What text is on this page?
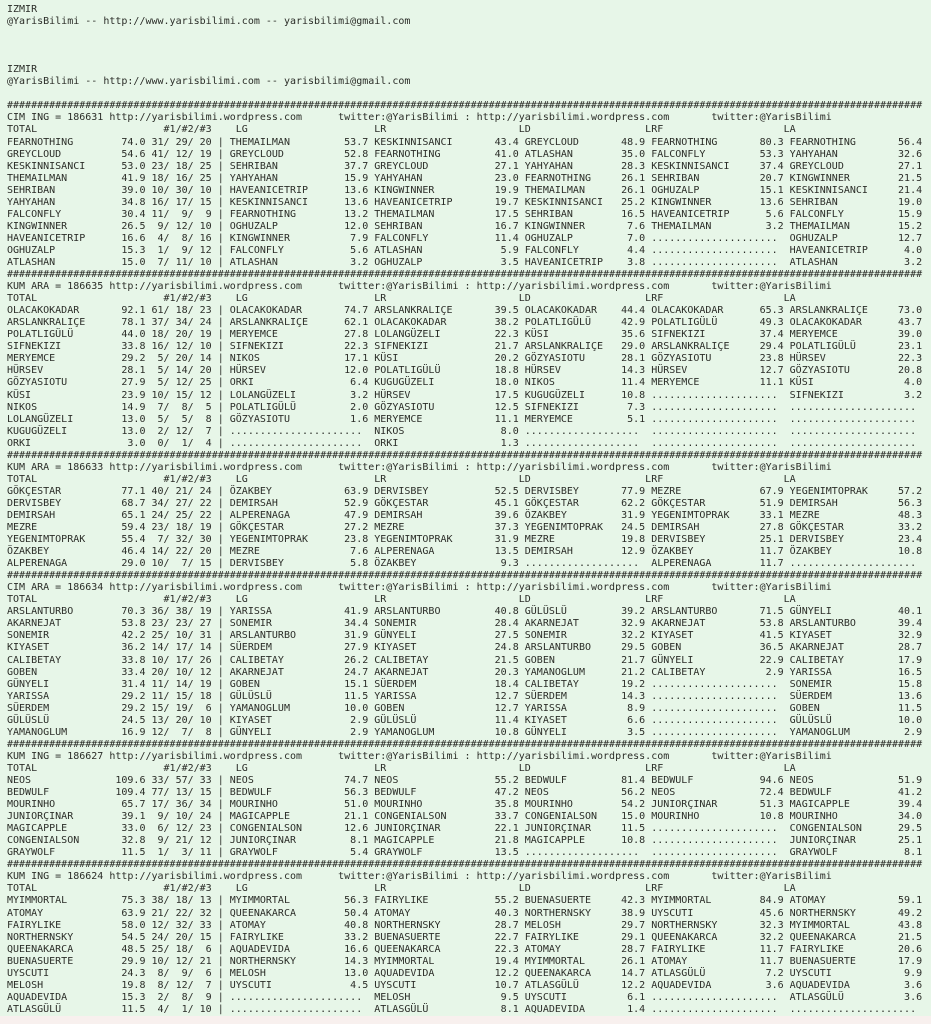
IZMIR
@YarisBilimi -- http://www.yarisbilimi.com -- yarisbilimi@gmail.com

IZMIR
@YarisBilimi -- http://www.yarisbilimi.com -- yarisbilimi@gmail.com

########################################################################################################################################################
CIM ING = 186631 http://yarisbilimi.wordpress.com      twitter:@YarisBilimi : http://yarisbilimi.wordpress.com       twitter:@YarisBilimi
TOTAL                     #1/#2/#3    LG                     LR                      LD                   LRF                    LA
FEARNOTHING        74.0 31/ 29/ 20 | THEMAILMAN         53.7 KESKINNISANCI       43.4 GREYCLOUD       48.9 FEARNOTHING       80.3 FEARNOTHING       56.4
GREYCLOUD          54.6 41/ 12/ 19 | GREYCLOUD          52.8 FEARNOTHING         41.0 ATLASHAN        35.0 FALCONFLY         53.3 YAHYAHAN          32.6
KESKINNISANCI      53.0 23/ 18/ 25 | SEHRIBAN           37.7 GREYCLOUD           27.1 YAHYAHAN        28.3 KESKINNISANCI     37.4 GREYCLOUD         27.1
THEMAILMAN         41.9 18/ 16/ 25 | YAHYAHAN           15.9 YAHYAHAN            23.0 FEARNOTHING     26.1 SEHRIBAN          20.7 KINGWINNER        21.5
SEHRIBAN           39.0 10/ 30/ 10 | HAVEANICETRIP      13.6 KINGWINNER          19.9 THEMAILMAN      26.1 OGHUZALP          15.1 KESKINNISANCI     21.4
YAHYAHAN           34.8 16/ 17/ 15 | KESKINNISANCI      13.6 HAVEANICETRIP       19.7 KESKINNISANCI   25.2 KINGWINNER        13.6 SEHRIBAN          19.0
FALCONFLY          30.4 11/  9/  9 | FEARNOTHING        13.2 THEMAILMAN          17.5 SEHRIBAN        16.5 HAVEANICETRIP      5.6 FALCONFLY         15.9
KINGWINNER         26.5  9/ 12/ 10 | OGHUZALP           12.0 SEHRIBAN            16.7 KINGWINNER       7.6 THEMAILMAN         3.2 THEMAILMAN        15.2
HAVEANICETRIP      16.6  4/  8/ 16 | KINGWINNER          7.9 FALCONFLY           11.4 OGHUZALP         7.0 .....................  OGHUZALP          12.7
OGHUZALP           15.3  1/  9/ 12 | FALCONFLY           5.6 ATLASHAN             5.9 FALCONFLY        4.4 .....................  HAVEANICETRIP      4.0
ATLASHAN           15.0  7/ 11/ 10 | ATLASHAN            3.2 OGHUZALP             3.5 HAVEANICETRIP    3.8 .....................  ATLASHAN           3.2
########################################################################################################################################################
KUM ARA = 186635 http://yarisbilimi.wordpress.com      twitter:@YarisBilimi : http://yarisbilimi.wordpress.com       twitter:@YarisBilimi
TOTAL                     #1/#2/#3    LG                     LR                      LD                   LRF                    LA
OLACAKOKADAR       92.1 61/ 18/ 23 | OLACAKOKADAR       74.7 ARSLANKRALIÇE       39.5 OLACAKOKADAR    44.4 OLACAKOKADAR      65.3 ARSLANKRALIÇE     73.0
ARSLANKRALIÇE      78.1 37/ 34/ 24 | ARSLANKRALIÇE      62.1 OLACAKOKADAR        38.2 POLATLIGÜLÜ     42.9 POLATLIGÜLÜ       49.3 OLACAKOKADAR      43.7
POLATLIGÜLÜ        44.0 18/ 20/ 19 | MERYEMCE           27.8 LOLANGÜZELI         22.3 KÜSI            35.6 SIFNEKIZI         37.4 MERYEMCE          39.0
SIFNEKIZI          33.8 16/ 12/ 10 | SIFNEKIZI          22.3 SIFNEKIZI           21.7 ARSLANKRALIÇE   29.0 ARSLANKRALIÇE     29.4 POLATLIGÜLÜ       23.1
MERYEMCE           29.2  5/ 20/ 14 | NIKOS              17.1 KÜSI                20.2 GÖZYASIOTU      28.1 GÖZYASIOTU        23.8 HÜRSEV            22.3
HÜRSEV             28.1  5/ 14/ 20 | HÜRSEV             12.0 POLATLIGÜLÜ         18.8 HÜRSEV          14.3 HÜRSEV            12.7 GÖZYASIOTU        20.8
GÖZYASIOTU         27.9  5/ 12/ 25 | ORKI                6.4 KUGUGÜZELI          18.0 NIKOS           11.4 MERYEMCE          11.1 KÜSI               4.0
KÜSI               23.9 10/ 15/ 12 | LOLANGÜZELI         3.2 HÜRSEV              17.5 KUGUGÜZELI      10.8 .....................  SIFNEKIZI          3.2
NIKOS              14.9  7/  8/  5 | POLATLIGÜLÜ         2.0 GÖZYASIOTU          12.5 SIFNEKIZI        7.3 .....................  .....................
LOLANGÜZELI        13.0  5/  5/  8 | GÖZYASIOTU          1.6 MERYEMCE            11.1 MERYEMCE         5.1 .....................  .....................
KUGUGÜZELI         13.0  2/ 12/  7 | ......................  NIKOS                8.0 ...................  .....................  .....................
ORKI                3.0  0/  1/  4 | ......................  ORKI                 1.3 ...................  .....................  .....................
########################################################################################################################################################
KUM ARA = 186633 http://yarisbilimi.wordpress.com      twitter:@YarisBilimi : http://yarisbilimi.wordpress.com       twitter:@YarisBilimi
TOTAL                     #1/#2/#3    LG                     LR                      LD                   LRF                    LA
GÖKÇESTAR          77.1 40/ 21/ 24 | ÖZAKBEY            63.9 DERVISBEY           52.5 DERVISBEY       77.9 MEZRE             67.9 YEGENIMTOPRAK     57.2
DERVISBEY          68.7 34/ 27/ 22 | DEMIRSAH           52.9 GÖKÇESTAR           45.1 GÖKÇESTAR       62.2 GÖKÇESTAR         51.9 DEMIRSAH          56.3
DEMIRSAH           65.1 24/ 25/ 22 | ALPERENAGA         47.9 DEMIRSAH            39.6 ÖZAKBEY         31.9 YEGENIMTOPRAK     33.1 MEZRE             48.3
MEZRE              59.4 23/ 18/ 19 | GÖKÇESTAR          27.2 MEZRE               37.3 YEGENIMTOPRAK   24.5 DEMIRSAH          27.8 GÖKÇESTAR         33.2
YEGENIMTOPRAK      55.4  7/ 32/ 30 | YEGENIMTOPRAK      23.8 YEGENIMTOPRAK       31.9 MEZRE           19.8 DERVISBEY         25.1 DERVISBEY         23.4
ÖZAKBEY            46.4 14/ 22/ 20 | MEZRE               7.6 ALPERENAGA          13.5 DEMIRSAH        12.9 ÖZAKBEY           11.7 ÖZAKBEY           10.8
ALPERENAGA         29.0 10/  7/ 15 | DERVISBEY           5.8 ÖZAKBEY              9.3 ...................  ALPERENAGA        11.7 .....................
########################################################################################################################################################
CIM ARA = 186634 http://yarisbilimi.wordpress.com      twitter:@YarisBilimi : http://yarisbilimi.wordpress.com       twitter:@YarisBilimi
TOTAL                     #1/#2/#3    LG                     LR                      LD                   LRF                    LA
ARSLANTURBO        70.3 36/ 38/ 19 | YARISSA            41.9 ARSLANTURBO         40.8 GÜLÜSLÜ         39.2 ARSLANTURBO       71.5 GÜNYELI           40.1
AKARNEJAT          53.8 23/ 23/ 27 | SONEMIR            34.4 SONEMIR             28.4 AKARNEJAT       32.9 AKARNEJAT         53.8 ARSLANTURBO       39.4
SONEMIR            42.2 25/ 10/ 31 | ARSLANTURBO        31.9 GÜNYELI             27.5 SONEMIR         32.2 KIYASET           41.5 KIYASET           32.9
KIYASET            36.2 14/ 17/ 14 | SÜERDEM            27.9 KIYASET             24.8 ARSLANTURBO     29.5 GOBEN             36.5 AKARNEJAT         28.7
CALIBETAY          33.8 10/ 17/ 26 | CALIBETAY          26.2 CALIBETAY           21.5 GOBEN           21.7 GÜNYELI           22.9 CALIBETAY         17.9
GOBEN              33.4 20/ 10/ 12 | AKARNEJAT          24.7 AKARNEJAT           20.3 YAMANOGLUM      21.2 CALIBETAY          2.9 YARISSA           16.5
GÜNYELI            31.4 11/ 14/ 19 | GOBEN              15.1 SÜERDEM             18.4 CALIBETAY       19.2 .....................  SONEMIR           15.8
YARISSA            29.2 11/ 15/ 18 | GÜLÜSLÜ            11.5 YARISSA             12.7 SÜERDEM         14.3 .....................  SÜERDEM           13.6
SÜERDEM            29.2 15/ 19/  6 | YAMANOGLUM         10.0 GOBEN               12.7 YARISSA          8.9 .....................  GOBEN             11.5
GÜLÜSLÜ            24.5 13/ 20/ 10 | KIYASET             2.9 GÜLÜSLÜ             11.4 KIYASET          6.6 .....................  GÜLÜSLÜ           10.0
YAMANOGLUM         16.9 12/  7/  8 | GÜNYELI             2.9 YAMANOGLUM          10.8 GÜNYELI          3.5 .....................  YAMANOGLUM         2.9
########################################################################################################################################################
KUM ING = 186627 http://yarisbilimi.wordpress.com      twitter:@YarisBilimi : http://yarisbilimi.wordpress.com       twitter:@YarisBilimi
TOTAL                     #1/#2/#3    LG                     LR                      LD                   LRF                    LA
NEOS              109.6 33/ 57/ 33 | NEOS               74.7 NEOS                55.2 BEDWULF         81.4 BEDWULF           94.6 NEOS              51.9
BEDWULF           109.4 77/ 13/ 15 | BEDWULF            56.3 BEDWULF             47.2 NEOS            56.2 NEOS              72.4 BEDWULF           41.2
MOURINHO           65.7 17/ 36/ 34 | MOURINHO           51.0 MOURINHO            35.8 MOURINHO        54.2 JUNIORÇINAR       51.3 MAGICAPPLE        39.4
JUNIORÇINAR        39.1  9/ 10/ 24 | MAGICAPPLE         21.1 CONGENIALSON        33.7 CONGENIALSON    15.0 MOURINHO          10.8 MOURINHO          34.0
MAGICAPPLE         33.0  6/ 12/ 23 | CONGENIALSON       12.6 JUNIORÇINAR         22.1 JUNIORÇINAR     11.5 .....................  CONGENIALSON      29.5
CONGENIALSON       32.8  9/ 21/ 12 | JUNIORÇINAR         8.1 MAGICAPPLE          21.8 MAGICAPPLE      10.8 .....................  JUNIORÇINAR       25.1
GRAYWOLF           11.5  1/  3/ 11 | GRAYWOLF            5.4 GRAYWOLF            13.5 ...................  .....................  GRAYWOLF           8.1
########################################################################################################################################################
KUM ING = 186624 http://yarisbilimi.wordpress.com      twitter:@YarisBilimi : http://yarisbilimi.wordpress.com       twitter:@YarisBilimi
TOTAL                     #1/#2/#3    LG                     LR                      LD                   LRF                    LA
MYIMMORTAL         75.3 38/ 18/ 13 | MYIMMORTAL         56.3 FAIRYLIKE           55.2 BUENASUERTE     42.3 MYIMMORTAL        84.9 ATOMAY            59.1
ATOMAY             63.9 21/ 22/ 32 | QUEENAKARCA        50.4 ATOMAY              40.3 NORTHERNSKY     38.9 UYSCUTI           45.6 NORTHERNSKY       49.2
FAIRYLIKE          58.0 12/ 32/ 33 | ATOMAY             40.8 NORTHERNSKY         28.7 MELOSH          29.7 NORTHERNSKY       32.3 MYIMMORTAL        43.8
NORTHERNSKY        54.5 24/ 20/ 15 | FAIRYLIKE          33.2 BUENASUERTE         22.7 FAIRYLIKE       29.1 QUEENAKARCA       32.2 QUEENAKARCA       21.5
QUEENAKARCA        48.5 25/ 18/  6 | AQUADEVIDA         16.6 QUEENAKARCA         22.3 ATOMAY          28.7 FAIRYLIKE         11.7 FAIRYLIKE         20.6
BUENASUERTE        29.9 10/ 12/ 21 | NORTHERNSKY        14.3 MYIMMORTAL          19.4 MYIMMORTAL      26.1 ATOMAY            11.7 BUENASUERTE       17.9
UYSCUTI            24.3  8/  9/  6 | MELOSH             13.0 AQUADEVIDA          12.2 QUEENAKARCA     14.7 ATLASGÜLÜ          7.2 UYSCUTI            9.9
MELOSH             19.8  8/ 12/  7 | UYSCUTI             4.5 UYSCUTI             10.7 ATLASGÜLÜ       12.2 AQUADEVIDA         3.6 AQUADEVIDA         3.6
AQUADEVIDA         15.3  2/  8/  9 | ......................  MELOSH               9.5 UYSCUTI          6.1 .....................  ATLASGÜLÜ          3.6
ATLASGÜLÜ          11.5  4/  1/ 10 | ......................  ATLASGÜLÜ            8.1 AQUADEVIDA       1.4 .....................  .....................
